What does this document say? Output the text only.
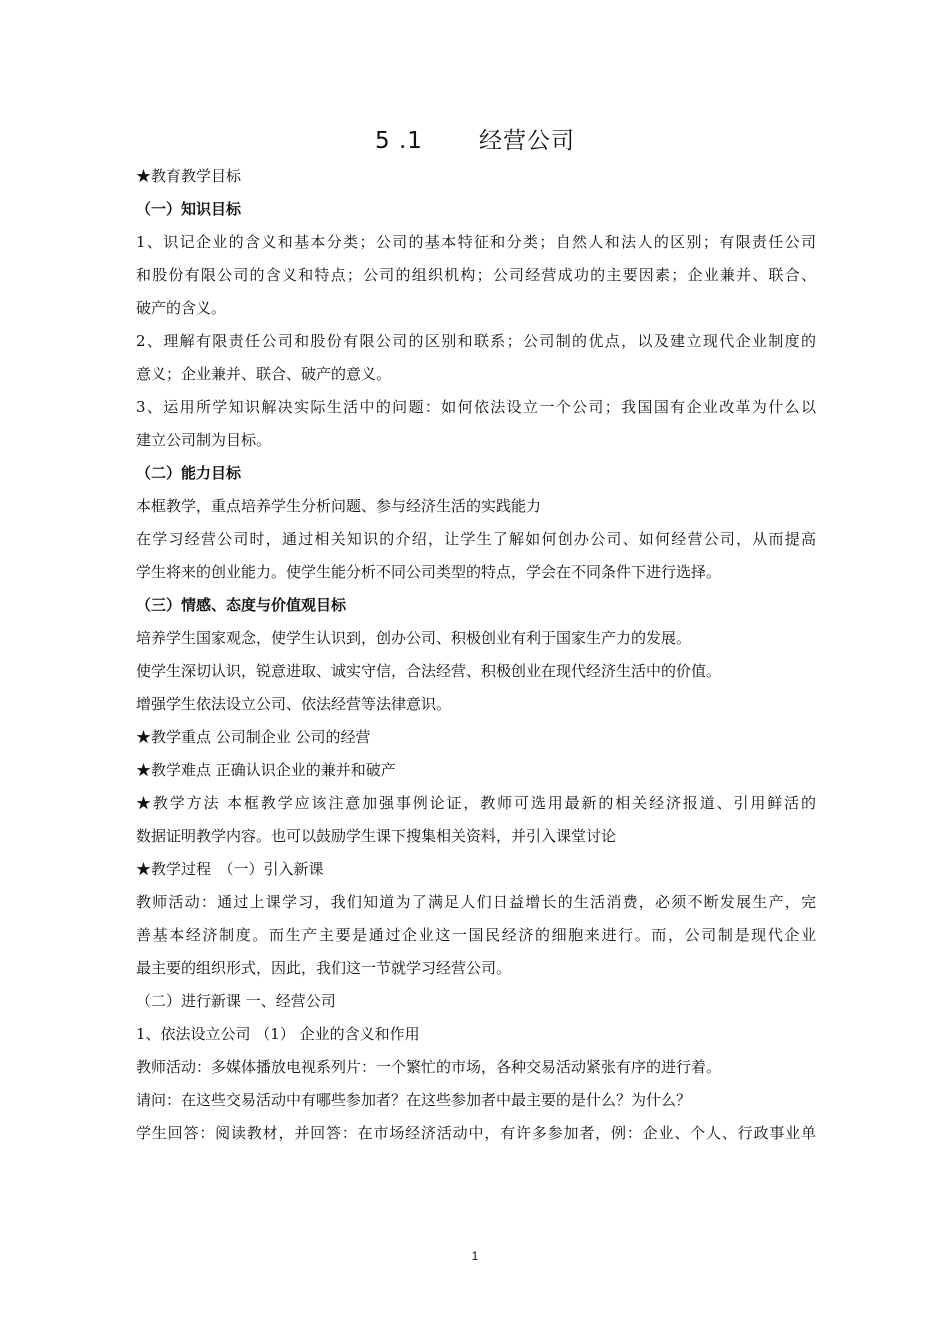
5 .1 经营公司
★教育教学目标
（一）知识目标
1、识记企业的含义和基本分类；公司的基本特征和分类；自然人和法人的区别；有限责任公司
和股份有限公司的含义和特点；公司的组织机构；公司经营成功的主要因素；企业兼并、联合、
破产的含义。
2、理解有限责任公司和股份有限公司的区别和联系；公司制的优点，以及建立现代企业制度的
意义；企业兼并、联合、破产的意义。
3、运用所学知识解决实际生活中的问题：如何依法设立一个公司；我国国有企业改革为什么以
建立公司制为目标。
（二）能力目标
本框教学，重点培养学生分析问题、参与经济生活的实践能力
在学习经营公司时，通过相关知识的介绍，让学生了解如何创办公司、如何经营公司，从而提高
学生将来的创业能力。使学生能分析不同公司类型的特点，学会在不同条件下进行选择。
（三）情感、态度与价值观目标
培养学生国家观念，使学生认识到，创办公司、积极创业有利于国家生产力的发展。
使学生深切认识，锐意进取、诚实守信，合法经营、积极创业在现代经济生活中的价值。
增强学生依法设立公司、依法经营等法律意识。
★教学重点 公司制企业 公司的经营
★教学难点 正确认识企业的兼并和破产
★教学方法 本框教学应该注意加强事例论证，教师可选用最新的相关经济报道、引用鲜活的
数据证明教学内容。也可以鼓励学生课下搜集相关资料，并引入课堂讨论
★教学过程　（一）引入新课
教师活动：通过上课学习，我们知道为了满足人们日益增长的生活消费，必须不断发展生产，完
善基本经济制度。而生产主要是通过企业这一国民经济的细胞来进行。而，公司制是现代企业
最主要的组织形式，因此，我们这一节就学习经营公司。
（二）进行新课 一、经营公司
1、依法设立公司 （1） 企业的含义和作用
教师活动：多媒体播放电视系列片：一个繁忙的市场，各种交易活动紧张有序的进行着。
请问：在这些交易活动中有哪些参加者？在这些参加者中最主要的是什么？为什么？
学生回答：阅读教材，并回答：在市场经济活动中，有许多参加者，例：企业、个人、行政事业单
1
